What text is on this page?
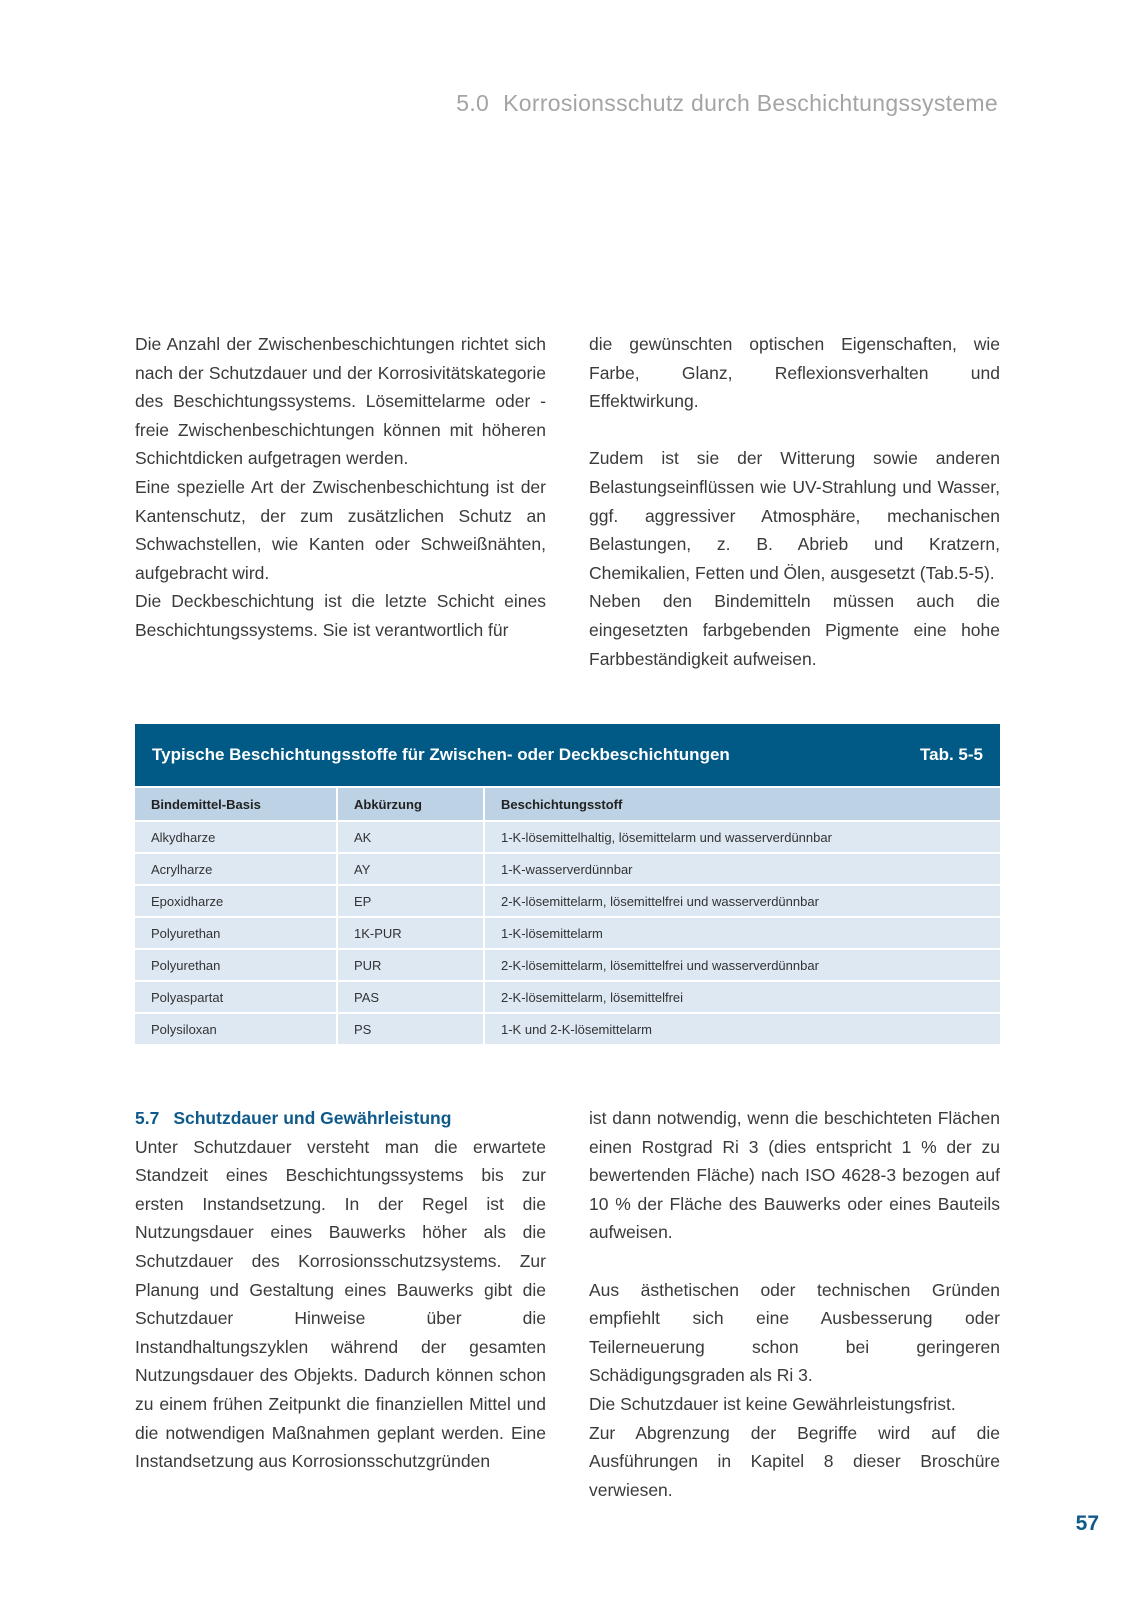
5.0 Korrosionsschutz durch Beschichtungssysteme

Die Anzahl der Zwischenbeschichtungen richtet sich nach der Schutzdauer und der Korrosivitätskategorie des Beschichtungssystems. Lösemittelarme oder -freie Zwischenbeschichtungen können mit höheren Schichtdicken aufgetragen werden.

Eine spezielle Art der Zwischenbeschichtung ist der Kantenschutz, der zum zusätzlichen Schutz an Schwachstellen, wie Kanten oder Schweißnähten, aufgebracht wird.

Die Deckbeschichtung ist die letzte Schicht eines Beschichtungssystems. Sie ist verantwortlich für

die gewünschten optischen Eigenschaften, wie Farbe, Glanz, Reflexionsverhalten und Effektwirkung.

Zudem ist sie der Witterung sowie anderen Belastungseinflüssen wie UV-Strahlung und Wasser, ggf. aggressiver Atmosphäre, mechanischen Belastungen, z. B. Abrieb und Kratzern, Chemikalien, Fetten und Ölen, ausgesetzt (Tab.5-5).

Neben den Bindemitteln müssen auch die eingesetzten farbgebenden Pigmente eine hohe Farbbeständigkeit aufweisen.

Typische Beschichtungsstoffe für Zwischen- oder Deckbeschichtungen	Tab. 5-5
Bindemittel-Basis	Abkürzung	Beschichtungsstoff
Alkydharze	AK	1-K-lösemittelhaltig, lösemittelarm und wasserverdünnbar
Acrylharze	AY	1-K-wasserverdünnbar
Epoxidharze	EP	2-K-lösemittelarm, lösemittelfrei und wasserverdünnbar
Polyurethan	1K-PUR	1-K-lösemittelarm
Polyurethan	PUR	2-K-lösemittelarm, lösemittelfrei und wasserverdünnbar
Polyaspartat	PAS	2-K-lösemittelarm, lösemittelfrei
Polysiloxan	PS	1-K und 2-K-lösemittelarm

5.7 Schutzdauer und Gewährleistung

Unter Schutzdauer versteht man die erwartete Standzeit eines Beschichtungssystems bis zur ersten Instandsetzung. In der Regel ist die Nutzungsdauer eines Bauwerks höher als die Schutzdauer des Korrosionsschutzsystems. Zur Planung und Gestaltung eines Bauwerks gibt die Schutzdauer Hinweise über die Instandhaltungszyklen während der gesamten Nutzungsdauer des Objekts. Dadurch können schon zu einem frühen Zeitpunkt die finanziellen Mittel und die notwendigen Maßnahmen geplant werden. Eine Instandsetzung aus Korrosionsschutzgründen

ist dann notwendig, wenn die beschichteten Flächen einen Rostgrad Ri 3 (dies entspricht 1 % der zu bewertenden Fläche) nach ISO 4628-3 bezogen auf 10 % der Fläche des Bauwerks oder eines Bauteils aufweisen.

Aus ästhetischen oder technischen Gründen empfiehlt sich eine Ausbesserung oder Teilerneuerung schon bei geringeren Schädigungsgraden als Ri 3.

Die Schutzdauer ist keine Gewährleistungsfrist.

Zur Abgrenzung der Begriffe wird auf die Ausführungen in Kapitel 8 dieser Broschüre verwiesen.

57
